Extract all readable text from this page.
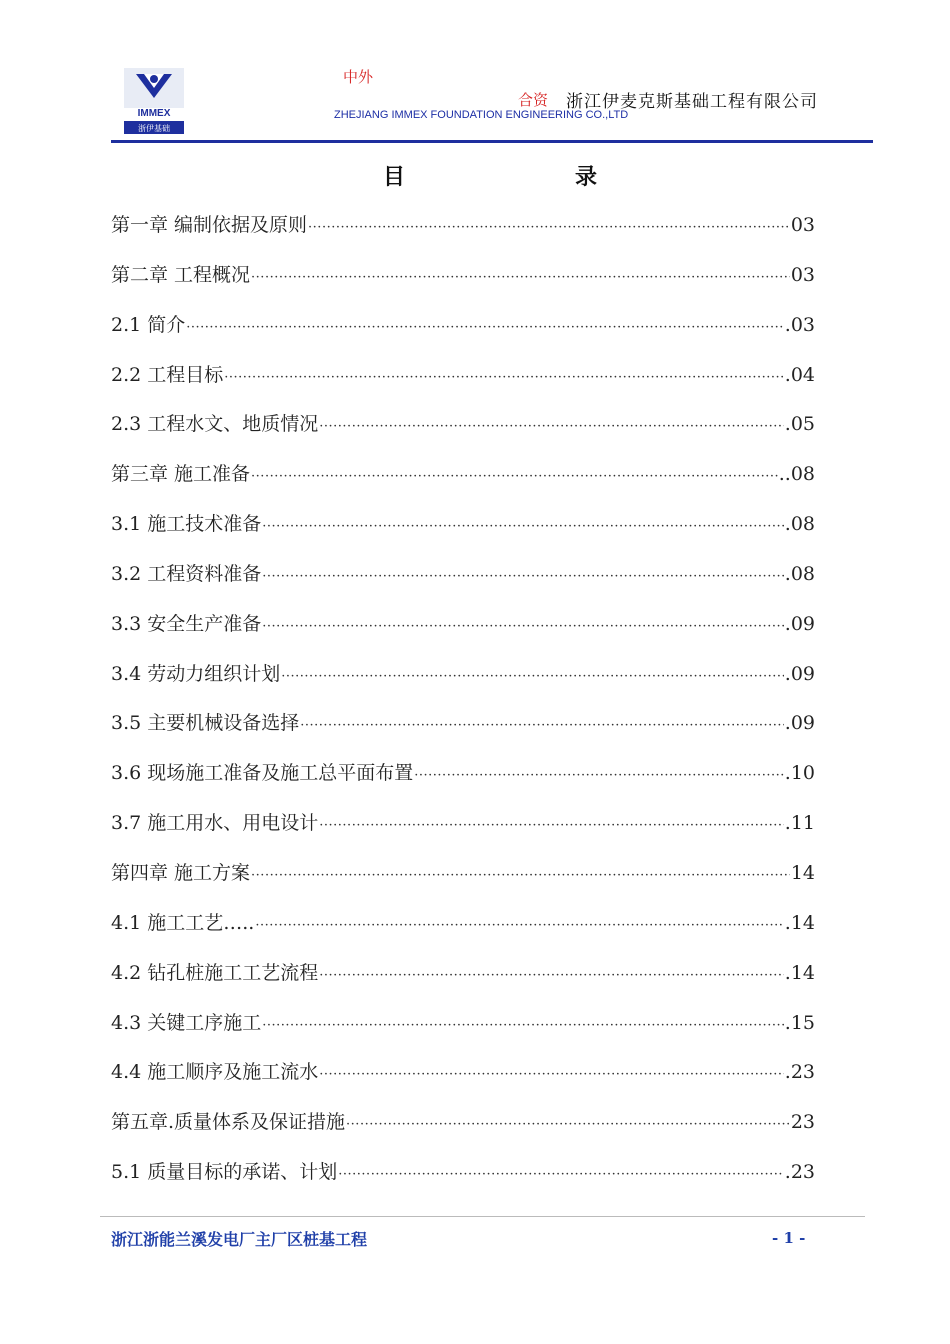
IMMEX
浙伊基础
中外
合资 浙江伊麦克斯基础工程有限公司
ZHEJIANG IMMEX FOUNDATION ENGINEERING CO.,LTD
目录
第一章 编制依据及原则 ·····	03
第二章 工程概况 ·····	03
2.1 简介 ·····	.03
2.2 工程目标 ·····	.04
2.3 工程水文、地质情况 ·····	.05
第三章 施工准备 ·····	..08
3.1 施工技术准备 ·····	.08
3.2 工程资料准备 ·····	.08
3.3 安全生产准备 ·····	.09
3.4 劳动力组织计划 ·····	.09
3.5 主要机械设备选择 ·····	.09
3.6 现场施工准备及施工总平面布置 ·····	.10
3.7 施工用水、用电设计 ·····	.11
第四章 施工方案 ·····	14
4.1 施工工艺….. ·····	.14
4.2 钻孔桩施工工艺流程 ·····	.14
4.3 关键工序施工 ·····	.15
4.4 施工顺序及施工流水 ·····	.23
第五章.质量体系及保证措施 ·····	23
5.1 质量目标的承诺、计划 ·····	.23
浙江浙能兰溪发电厂主厂区桩基工程	- 1 -
